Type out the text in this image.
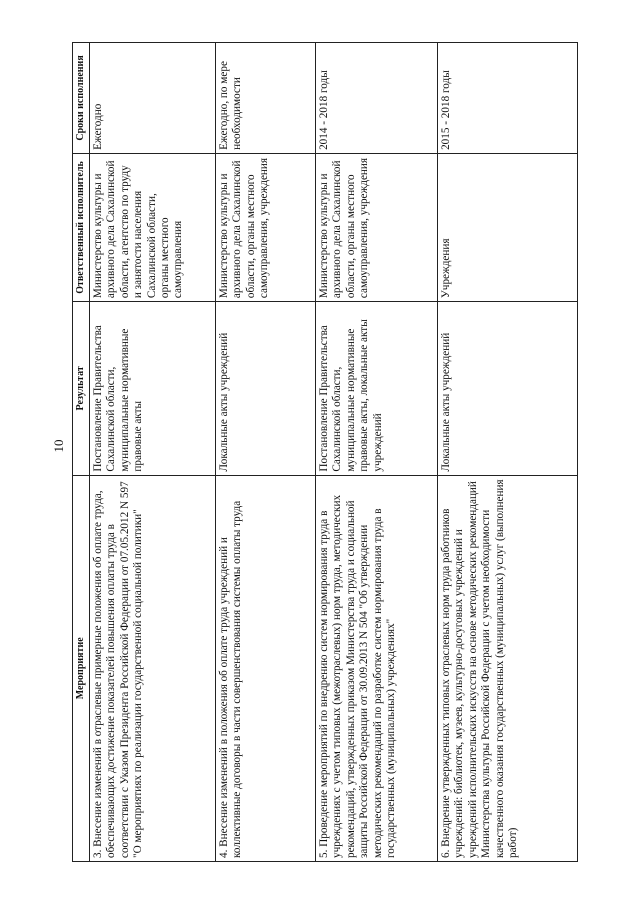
10
Мероприятие	Результат	Ответственный исполнитель	Сроки исполнения
3. Внесение изменений в отраслевые примерные положения об оплате труда, обеспечивающих достижение показателей повышения оплаты труда в соответствии с Указом Президента Российской Федерации от 07.05.2012 N 597 "О мероприятиях по реализации государственной социальной политики"	Постановление Правительства Сахалинской области, муниципальные нормативные правовые акты	Министерство культуры и архивного дела Сахалинской области, агентство по труду и занятости населения Сахалинской области, органы местного самоуправления	Ежегодно
4. Внесение изменений в положения об оплате труда учреждений и коллективные договоры в части совершенствования системы оплаты труда	Локальные акты учреждений	Министерство культуры и архивного дела Сахалинской области, органы местного самоуправления, учреждения	Ежегодно, по мере необходимости
5. Проведение мероприятий по внедрению систем нормирования труда в учреждениях с учетом типовых (межотраслевых) норм труда, методических рекомендаций, утвержденных приказом Министерства труда и социальной защиты Российской Федерации от 30.09.2013 N 504 "Об утверждении методических рекомендаций по разработке систем нормирования труда в государственных (муниципальных) учреждениях"	Постановление Правительства Сахалинской области, муниципальные нормативные правовые акты, локальные акты учреждений	Министерство культуры и архивного дела Сахалинской области, органы местного самоуправления, учреждения	2014 - 2018 годы
6. Внедрение утвержденных типовых отраслевых норм труда работников учреждений: библиотек, музеев, культурно-досуговых учреждений и учреждений исполнительских искусств на основе методических рекомендаций Министерства культуры Российской Федерации с учетом необходимости качественного оказания государственных (муниципальных) услуг (выполнения работ)	Локальные акты учреждений	Учреждения	2015 - 2018 годы
